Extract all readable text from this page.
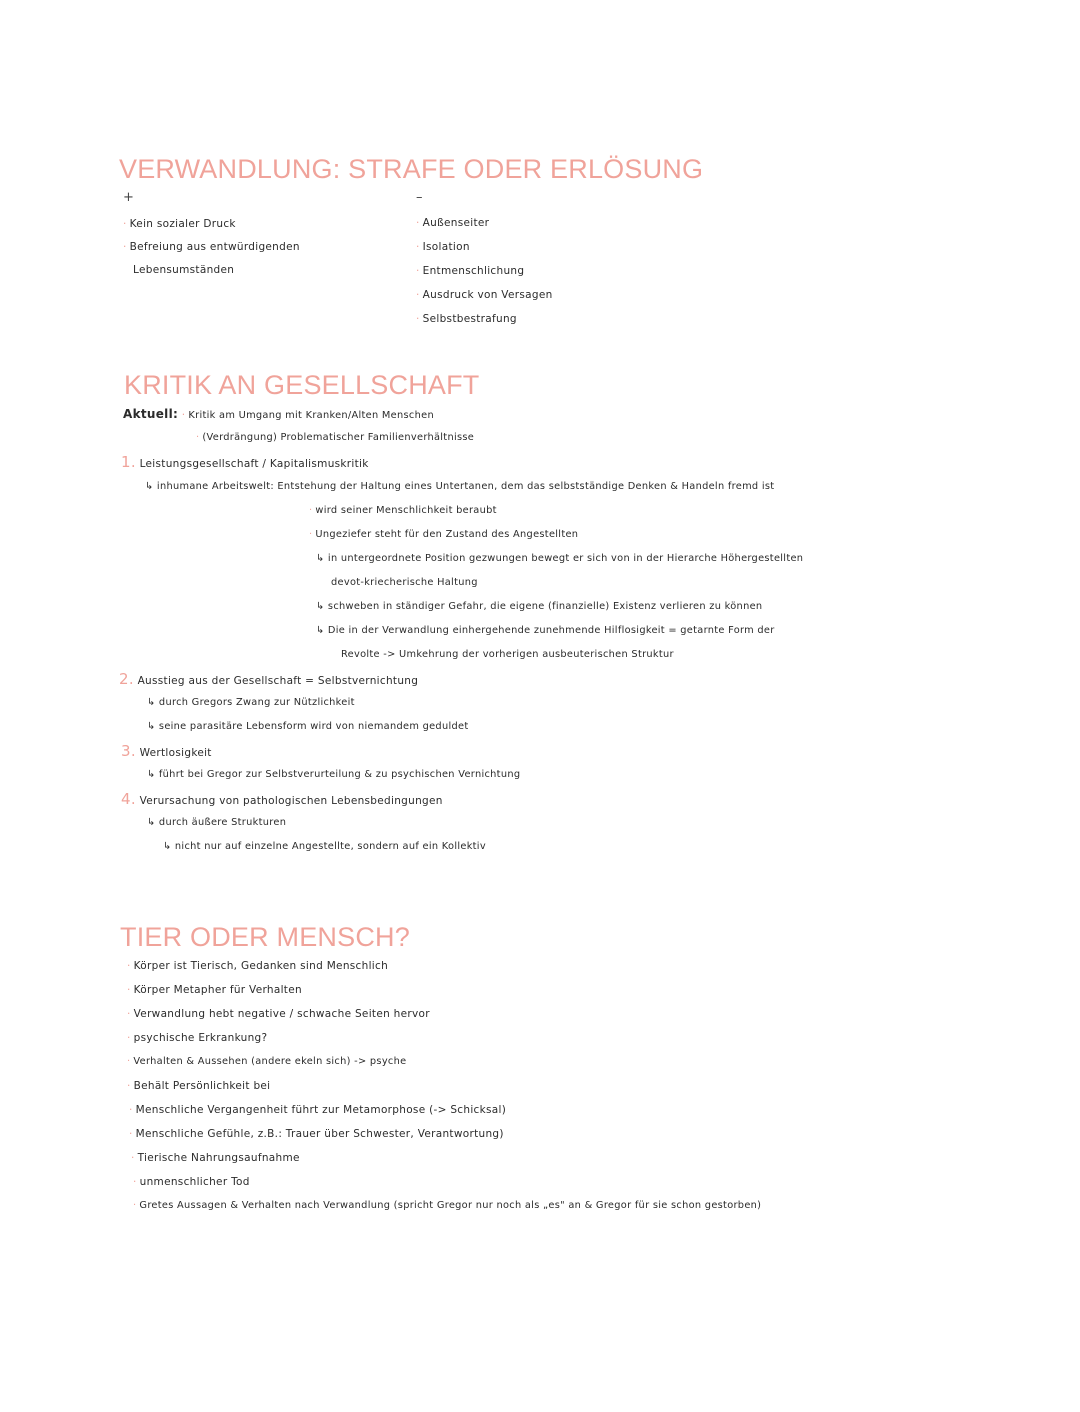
VERWANDLUNG: STRAFE ODER ERLÖSUNG
+	–
· Kein sozialer Druck
· Befreiung aus entwürdigenden
Lebensumständen
· Außenseiter
· Isolation
· Entmenschlichung
· Ausdruck von Versagen
· Selbstbestrafung
KRITIK AN GESELLSCHAFT
Aktuell: · Kritik am Umgang mit Kranken/Alten Menschen
· (Verdrängung) Problematischer Familienverhältnisse
1. Leistungsgesellschaft / Kapitalismuskritik
↳ inhumane Arbeitswelt: Entstehung der Haltung eines Untertanen, dem das selbstständige Denken & Handeln fremd ist
· wird seiner Menschlichkeit beraubt
· Ungeziefer steht für den Zustand des Angestellten
↳ in untergeordnete Position gezwungen bewegt er sich von in der Hierarche Höhergestellten
devot-kriecherische Haltung
↳ schweben in ständiger Gefahr, die eigene (finanzielle) Existenz verlieren zu können
↳ Die in der Verwandlung einhergehende zunehmende Hilflosigkeit = getarnte Form der
Revolte -> Umkehrung der vorherigen ausbeuterischen Struktur
2. Ausstieg aus der Gesellschaft = Selbstvernichtung
↳ durch Gregors Zwang zur Nützlichkeit
↳ seine parasitäre Lebensform wird von niemandem geduldet
3. Wertlosigkeit
↳ führt bei Gregor zur Selbstverurteilung & zu psychischen Vernichtung
4. Verursachung von pathologischen Lebensbedingungen
↳ durch äußere Strukturen
↳ nicht nur auf einzelne Angestellte, sondern auf ein Kollektiv
TIER ODER MENSCH?
· Körper ist Tierisch, Gedanken sind Menschlich
· Körper Metapher für Verhalten
· Verwandlung hebt negative / schwache Seiten hervor
· psychische Erkrankung?
· Verhalten & Aussehen (andere ekeln sich) -> psyche
· Behält Persönlichkeit bei
· Menschliche Vergangenheit führt zur Metamorphose (-> Schicksal)
· Menschliche Gefühle, z.B.: Trauer über Schwester, Verantwortung)
· Tierische Nahrungsaufnahme
· unmenschlicher Tod
· Gretes Aussagen & Verhalten nach Verwandlung (spricht Gregor nur noch als „es" an & Gregor für sie schon gestorben)
